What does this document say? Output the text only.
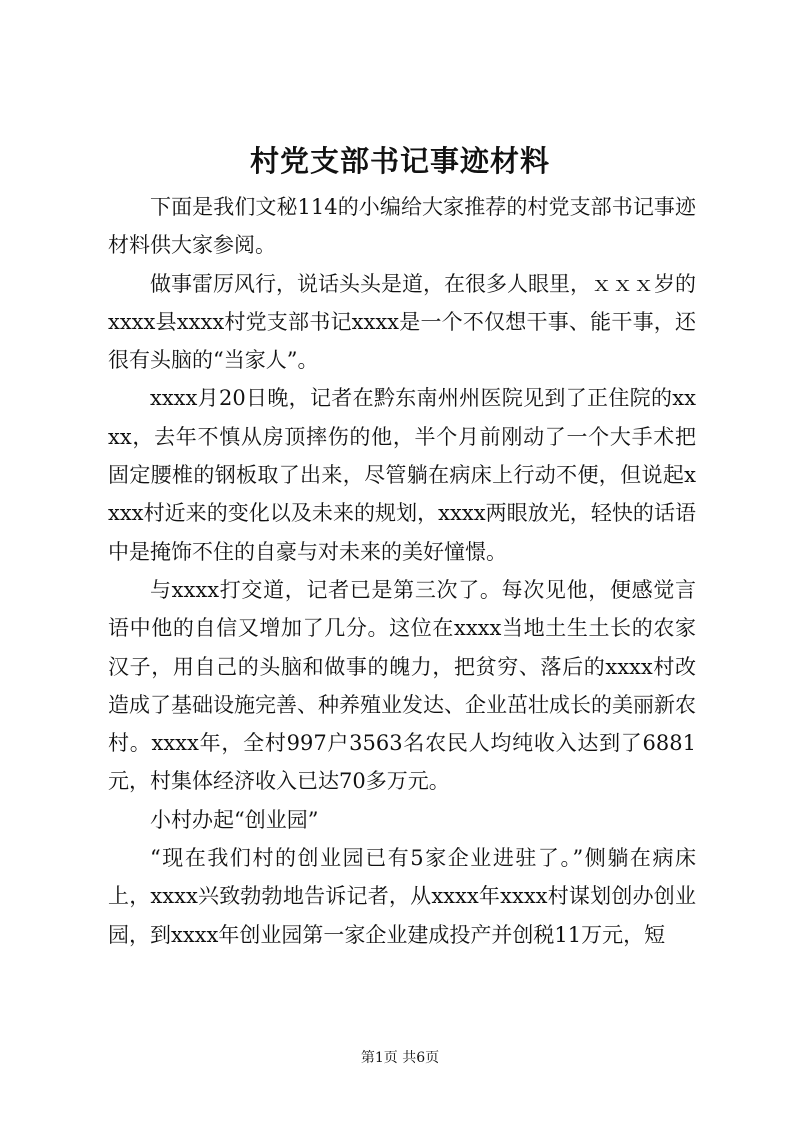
村党支部书记事迹材料

下面是我们文秘114的小编给大家推荐的村党支部书记事迹材料供大家参阅。

做事雷厉风行，说话头头是道，在很多人眼里，ｘｘｘ岁的xxxx县xxxx村党支部书记xxxx是一个不仅想干事、能干事，还很有头脑的“当家人”。

xxxx月20日晚，记者在黔东南州州医院见到了正住院的xxxx，去年不慎从房顶摔伤的他，半个月前刚动了一个大手术把固定腰椎的钢板取了出来，尽管躺在病床上行动不便，但说起xxxx村近来的变化以及未来的规划，xxxx两眼放光，轻快的话语中是掩饰不住的自豪与对未来的美好憧憬。

与xxxx打交道，记者已是第三次了。每次见他，便感觉言语中他的自信又增加了几分。这位在xxxx当地土生土长的农家汉子，用自己的头脑和做事的魄力，把贫穷、落后的xxxx村改造成了基础设施完善、种养殖业发达、企业茁壮成长的美丽新农村。xxxx年，全村997户3563名农民人均纯收入达到了6881元，村集体经济收入已达70多万元。

小村办起“创业园”

“现在我们村的创业园已有5家企业进驻了。”侧躺在病床上，xxxx兴致勃勃地告诉记者，从xxxx年xxxx村谋划创办创业园，到xxxx年创业园第一家企业建成投产并创税11万元，短

第1页 共6页
